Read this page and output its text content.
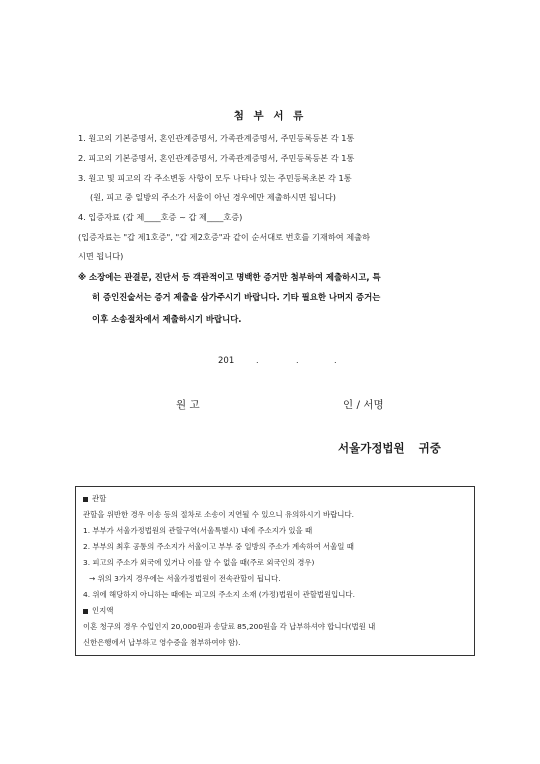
첨 부 서 류
1. 원고의 기본증명서, 혼인관계증명서, 가족관계증명서, 주민등록등본 각 1통
2. 피고의 기본증명서, 혼인관계증명서, 가족관계증명서, 주민등록등본 각 1통
3. 원고 및 피고의 각 주소변동 사항이 모두 나타나 있는 주민등록초본 각 1통
(원, 피고 중 일방의 주소가 서울이 아닌 경우에만 제출하시면 됩니다)
4. 입증자료 (갑 제____호증 ~ 갑 제____호증)
(입증자료는 "갑 제1호증", "갑 제2호증"과 같이 순서대로 번호를 기재하여 제출하
시면 됩니다)
※ 소장에는 관결문, 진단서 등 객관적이고 명백한 증거만 첨부하여 제출하시고, 특
히 증인진술서는 증거 제출을 삼가주시기 바랍니다. 기타 필요한 나머지 증거는
이후 소송절차에서 제출하시기 바랍니다.
201	.	.	.
원 고	인 / 서명
서울가정법원 귀중
관할
관할을 위반한 경우 이송 등의 절차로 소송이 지연될 수 있으니 유의하시기 바랍니다.
1. 부부가 서울가정법원의 관할구역(서울특별시) 내에 주소지가 있을 때
2. 부부의 최후 공통의 주소지가 서울이고 부부 중 일방의 주소가 계속하여 서울일 때
3. 피고의 주소가 외국에 있거나 이를 알 수 없을 때(주로 외국인의 경우)
→ 위의 3가지 경우에는 서울가정법원이 전속관할이 됩니다.
4. 위에 해당하지 아니하는 때에는 피고의 주소지 소재 (가정)법원이 관할법원입니다.
인지액
이혼 청구의 경우 수입인지 20,000원과 송달료 85,200원을 각 납부하셔야 합니다(법원 내
신한은행에서 납부하고 영수증을 첨부하여야 함).
